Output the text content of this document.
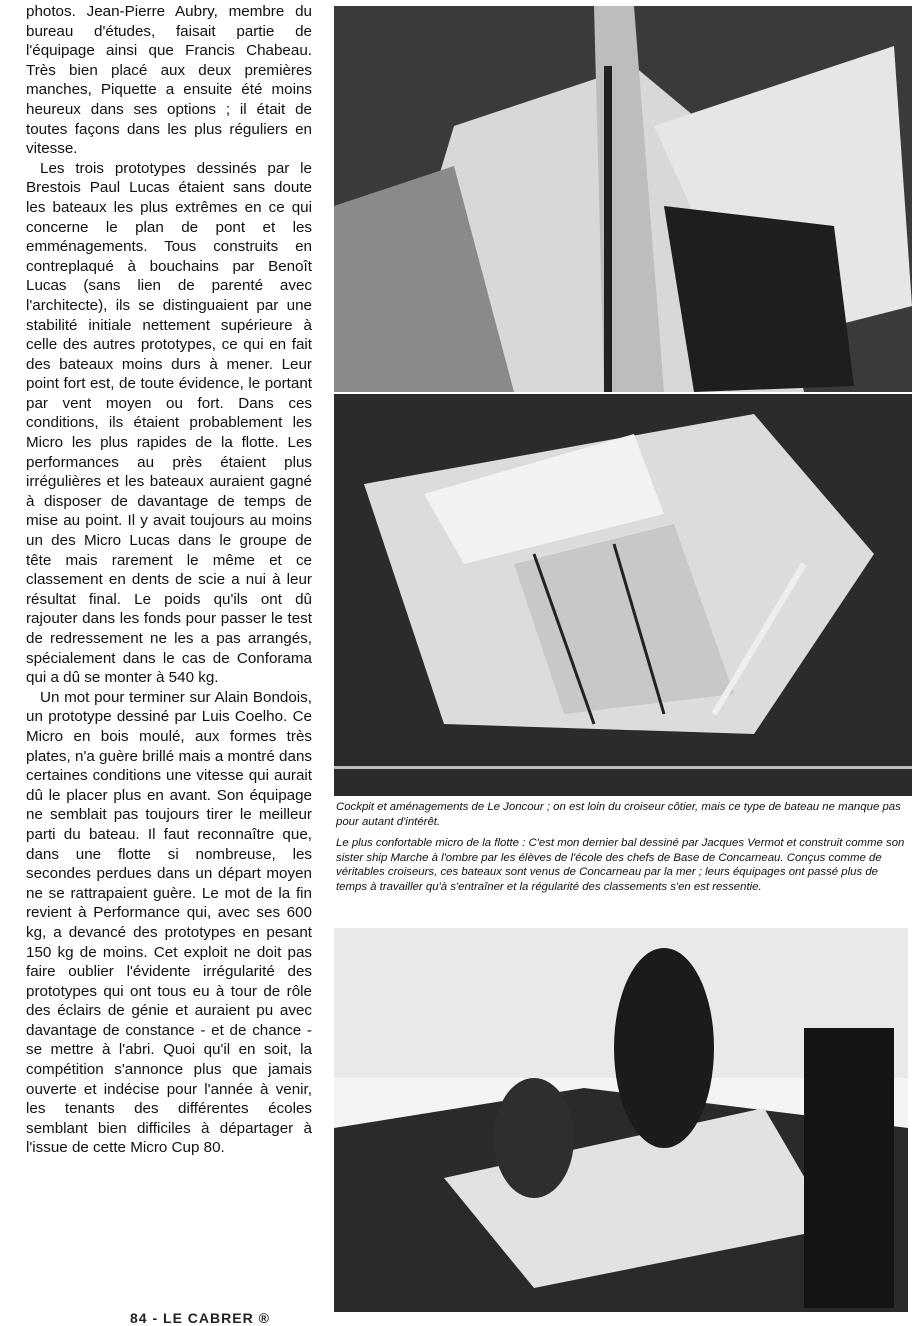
photos. Jean-Pierre Aubry, membre du bureau d'études, faisait partie de l'équipage ainsi que Francis Chabeau. Très bien placé aux deux premières manches, Piquette a ensuite été moins heureux dans ses options ; il était de toutes façons dans les plus réguliers en vitesse.

Les trois prototypes dessinés par le Brestois Paul Lucas étaient sans doute les bateaux les plus extrêmes en ce qui concerne le plan de pont et les emménagements. Tous construits en contreplaqué à bouchains par Benoît Lucas (sans lien de parenté avec l'architecte), ils se distinguaient par une stabilité initiale nettement supérieure à celle des autres prototypes, ce qui en fait des bateaux moins durs à mener. Leur point fort est, de toute évidence, le portant par vent moyen ou fort. Dans ces conditions, ils étaient probablement les Micro les plus rapides de la flotte. Les performances au près étaient plus irrégulières et les bateaux auraient gagné à disposer de davantage de temps de mise au point. Il y avait toujours au moins un des Micro Lucas dans le groupe de tête mais rarement le même et ce classement en dents de scie a nui à leur résultat final. Le poids qu'ils ont dû rajouter dans les fonds pour passer le test de redressement ne les a pas arrangés, spécialement dans le cas de Conforama qui a dû se monter à 540 kg.

Un mot pour terminer sur Alain Bondois, un prototype dessiné par Luis Coelho. Ce Micro en bois moulé, aux formes très plates, n'a guère brillé mais a montré dans certaines conditions une vitesse qui aurait dû le placer plus en avant. Son équipage ne semblait pas toujours tirer le meilleur parti du bateau. Il faut reconnaître que, dans une flotte si nombreuse, les secondes perdues dans un départ moyen ne se rattrapaient guère. Le mot de la fin revient à Performance qui, avec ses 600 kg, a devancé des prototypes en pesant 150 kg de moins. Cet exploit ne doit pas faire oublier l'évidente irrégularité des prototypes qui ont tous eu à tour de rôle des éclairs de génie et auraient pu avec davantage de constance - et de chance - se mettre à l'abri. Quoi qu'il en soit, la compétition s'annonce plus que jamais ouverte et indécise pour l'année à venir, les tenants des différentes écoles semblant bien difficiles à départager à l'issue de cette Micro Cup 80.

Cockpit et aménagements de Le Joncour ; on est loin du croiseur côtier, mais ce type de bateau ne manque pas pour autant d'intérêt.
Le plus confortable micro de la flotte : C'est mon dernier bal dessiné par Jacques Vermot et construit comme son sister ship Marche à l'ombre par les élèves de l'école des chefs de Base de Concarneau. Conçus comme de véritables croiseurs, ces bateaux sont venus de Concarneau par la mer ; leurs équipages ont passé plus de temps à travailler qu'à s'entraîner et la régularité des classements s'en est ressentie.
84 - LE CABRER ®
